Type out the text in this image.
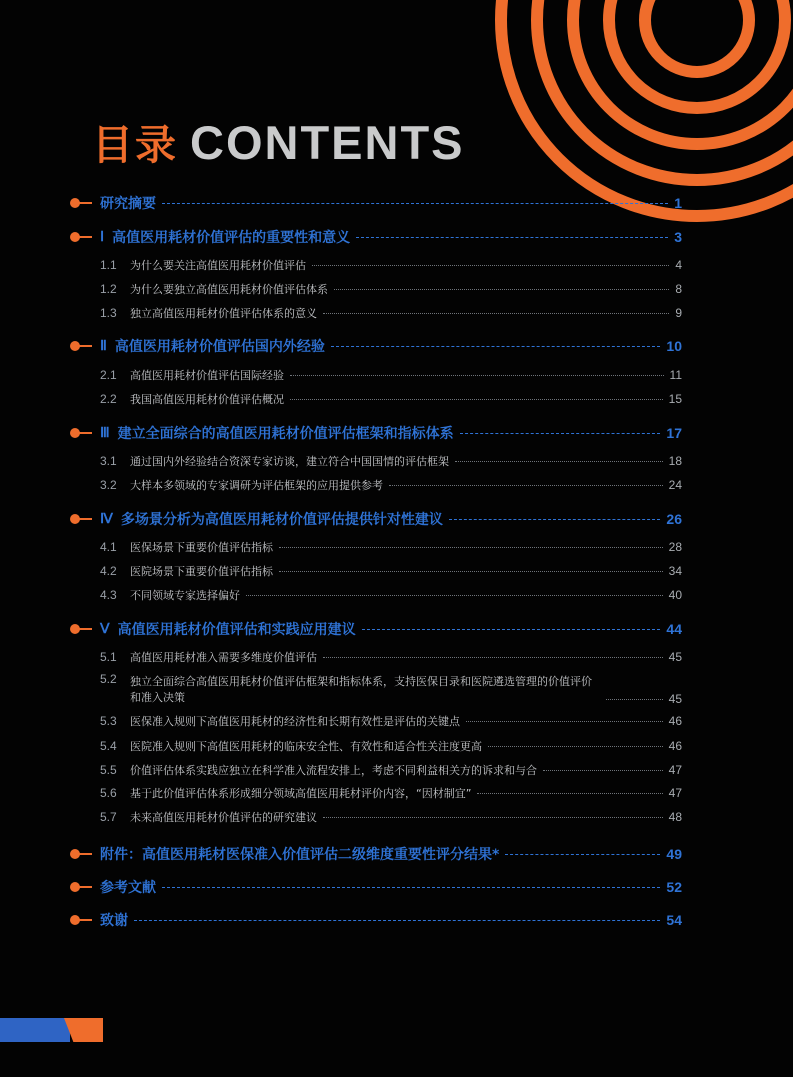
目录 CONTENTS
研究摘要	1
Ⅰ 高值医用耗材价值评估的重要性和意义	3
1.1	为什么要关注高值医用耗材价值评估	4
1.2	为什么要独立高值医用耗材价值评估体系	8
1.3	独立高值医用耗材价值评估体系的意义	9
Ⅱ 高值医用耗材价值评估国内外经验	10
2.1	高值医用耗材价值评估国际经验	11
2.2	我国高值医用耗材价值评估概况	15
Ⅲ 建立全面综合的高值医用耗材价值评估框架和指标体系	17
3.1	通过国内外经验结合资深专家访谈，建立符合中国国情的评估框架	18
3.2	大样本多领域的专家调研为评估框架的应用提供参考	24
Ⅳ 多场景分析为高值医用耗材价值评估提供针对性建议	26
4.1	医保场景下重要价值评估指标	28
4.2	医院场景下重要价值评估指标	34
4.3	不同领域专家选择偏好	40
Ⅴ 高值医用耗材价值评估和实践应用建议	44
5.1	高值医用耗材准入需要多维度价值评估	45
5.2	独立全面综合高值医用耗材价值评估框架和指标体系，支持医保目录和医院遴选管理的价值评价和准入决策	45
5.3	医保准入规则下高值医用耗材的经济性和长期有效性是评估的关键点	46
5.4	医院准入规则下高值医用耗材的临床安全性、有效性和适合性关注度更高	46
5.5	价值评估体系实践应独立在科学准入流程安排上，考虑不同利益相关方的诉求和与合	47
5.6	基于此价值评估体系形成细分领域高值医用耗材评价内容，“因材制宜”	47
5.7	未来高值医用耗材价值评估的研究建议	48
附件：高值医用耗材医保准入价值评估二级维度重要性评分结果*	49
参考文献	52
致谢	54
